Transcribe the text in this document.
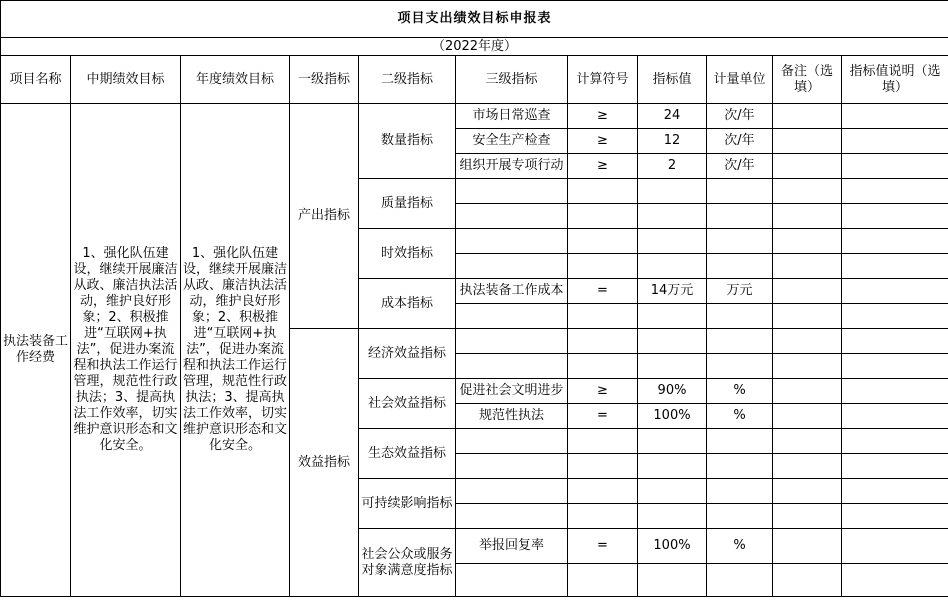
项目支出绩效目标申报表										
（2022年度）										
项目名称	中期绩效目标	年度绩效目标	一级指标	二级指标	三级指标	计算符号	指标值	计量单位	备注（选填）	指标值说明（选填）
执法装备工作经费	1、强化队伍建设，继续开展廉洁从政、廉洁执法活动，维护良好形象；2、积极推进“互联网+执法”，促进办案流程和执法工作运行管理，规范性行政执法；3、提高执法工作效率，切实维护意识形态和文化安全。	1、强化队伍建设，继续开展廉洁从政、廉洁执法活动，维护良好形象；2、积极推进“互联网+执法”，促进办案流程和执法工作运行管理，规范性行政执法；3、提高执法工作效率，切实维护意识形态和文化安全。	产出指标	数量指标	市场日常巡查	≥	24	次/年		
					安全生产检查	≥	12	次/年		
					组织开展专项行动	≥	2	次/年		
				质量指标						

				时效指标						

				成本指标	执法装备工作成本	=	14万元	万元		

			效益指标	经济效益指标						

				社会效益指标	促进社会文明进步	≥	90%	%		
					规范性执法	=	100%	%		
				生态效益指标						

				可持续影响指标						

				社会公众或服务对象满意度指标	举报回复率	=	100%	%		
